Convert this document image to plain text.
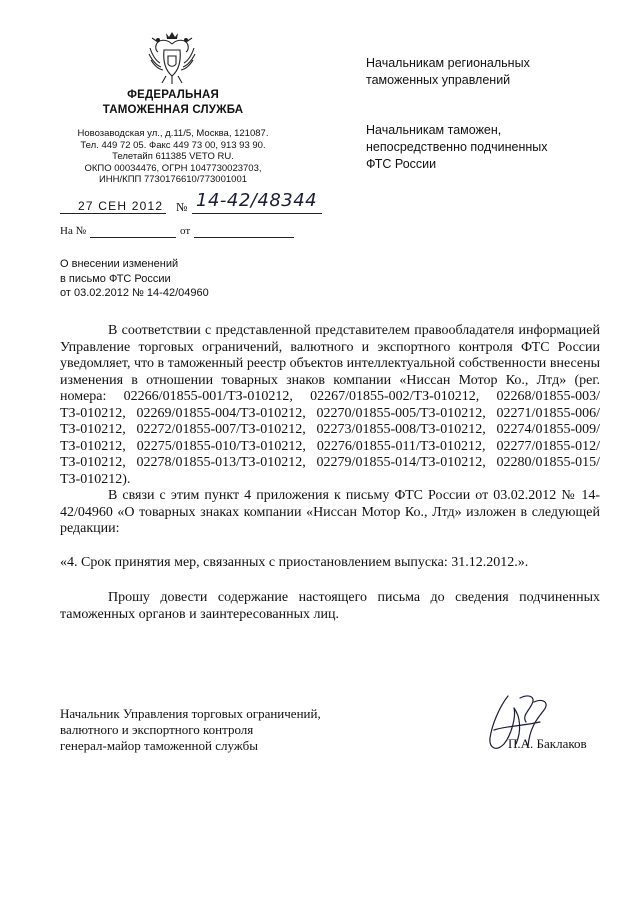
ФЕДЕРАЛЬНАЯ
ТАМОЖЕННАЯ СЛУЖБА
Новозаводская ул., д.11/5, Москва, 121087.
Тел. 449 72 05. Факс 449 73 00, 913 93 90.
Телетайп 611385 VETO RU.
ОКПО 00034476, ОГРН 1047730023703,
ИНН/КПП 7730176610/773001001
27 СЕН 2012 № 14-42/48344
На №	от
Начальникам региональных
таможенных управлений
Начальникам таможен,
непосредственно подчиненных
ФТС России
О внесении изменений
в письмо ФТС России
от 03.02.2012 № 14-42/04960

В соответствии с представленной представителем правообладателя информацией Управление торговых ограничений, валютного и экспортного контроля ФТС России уведомляет, что в таможенный реестр объектов интеллектуальной собственности внесены изменения в отношении товарных знаков компании «Ниссан Мотор Ко., Лтд» (рег. номера: 02266/01855-001/ТЗ-010212, 02267/01855-002/ТЗ-010212, 02268/01855-003/ТЗ-010212, 02269/01855-004/ТЗ-010212, 02270/01855-005/ТЗ-010212, 02271/01855-006/ТЗ-010212, 02272/01855-007/ТЗ-010212, 02273/01855-008/ТЗ-010212, 02274/01855-009/ТЗ-010212, 02275/01855-010/ТЗ-010212, 02276/01855-011/ТЗ-010212, 02277/01855-012/ТЗ-010212, 02278/01855-013/ТЗ-010212, 02279/01855-014/ТЗ-010212, 02280/01855-015/ТЗ-010212).

В связи с этим пункт 4 приложения к письму ФТС России от 03.02.2012 № 14-42/04960 «О товарных знаках компании «Ниссан Мотор Ко., Лтд» изложен в следующей редакции:

«4. Срок принятия мер, связанных с приостановлением выпуска: 31.12.2012.».

Прошу довести содержание настоящего письма до сведения подчиненных таможенных органов и заинтересованных лиц.

Начальник Управления торговых ограничений,
валютного и экспортного контроля
генерал-майор таможенной службы	П.А. Баклаков
